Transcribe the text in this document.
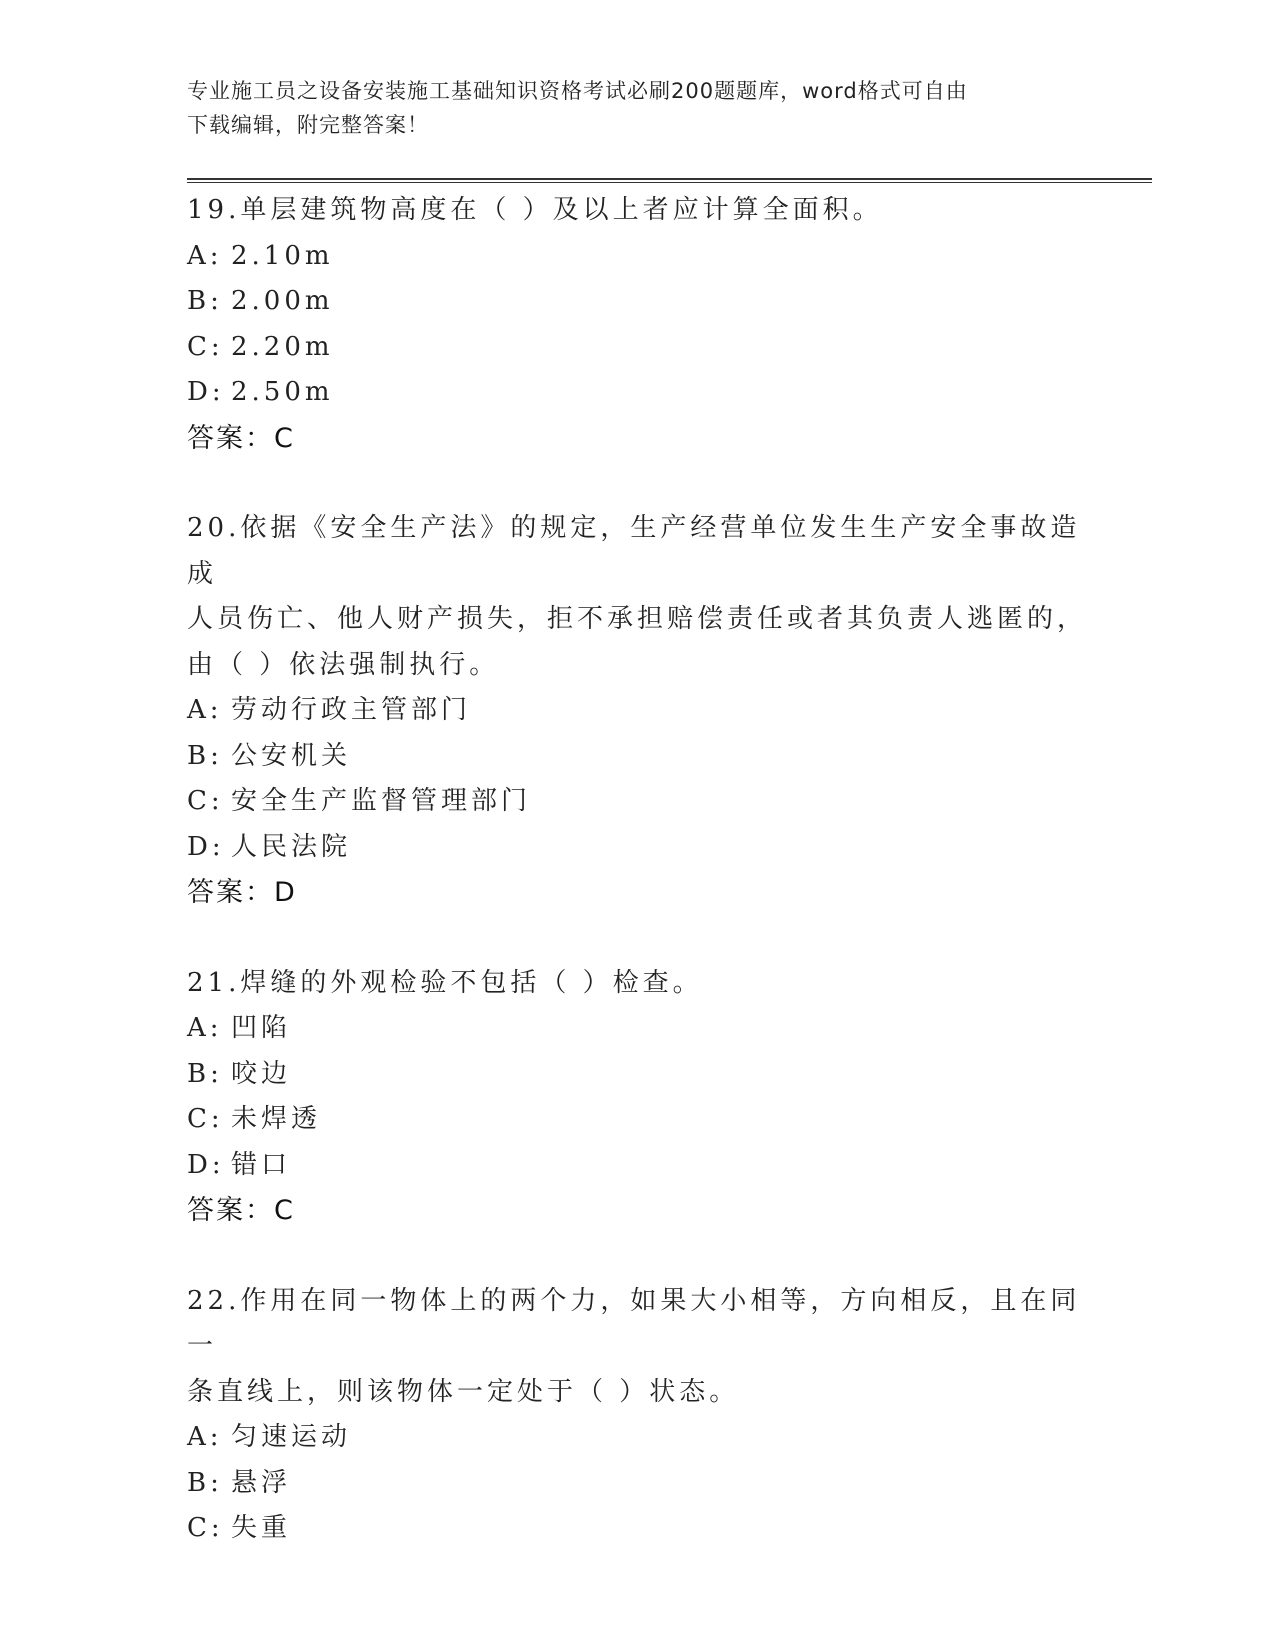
专业施工员之设备安装施工基础知识资格考试必刷200题题库，word格式可自由
下载编辑，附完整答案！
19.单层建筑物高度在（ ）及以上者应计算全面积。
A: 2.10m
B: 2.00m
C: 2.20m
D: 2.50m
答案：C
20.依据《安全生产法》的规定，生产经营单位发生生产安全事故造成
人员伤亡、他人财产损失，拒不承担赔偿责任或者其负责人逃匿的，
由（ ）依法强制执行。
A: 劳动行政主管部门
B: 公安机关
C: 安全生产监督管理部门
D: 人民法院
答案：D
21.焊缝的外观检验不包括（ ）检查。
A: 凹陷
B: 咬边
C: 未焊透
D: 错口
答案：C
22.作用在同一物体上的两个力，如果大小相等，方向相反，且在同一
条直线上，则该物体一定处于（ ）状态。
A: 匀速运动
B: 悬浮
C: 失重
